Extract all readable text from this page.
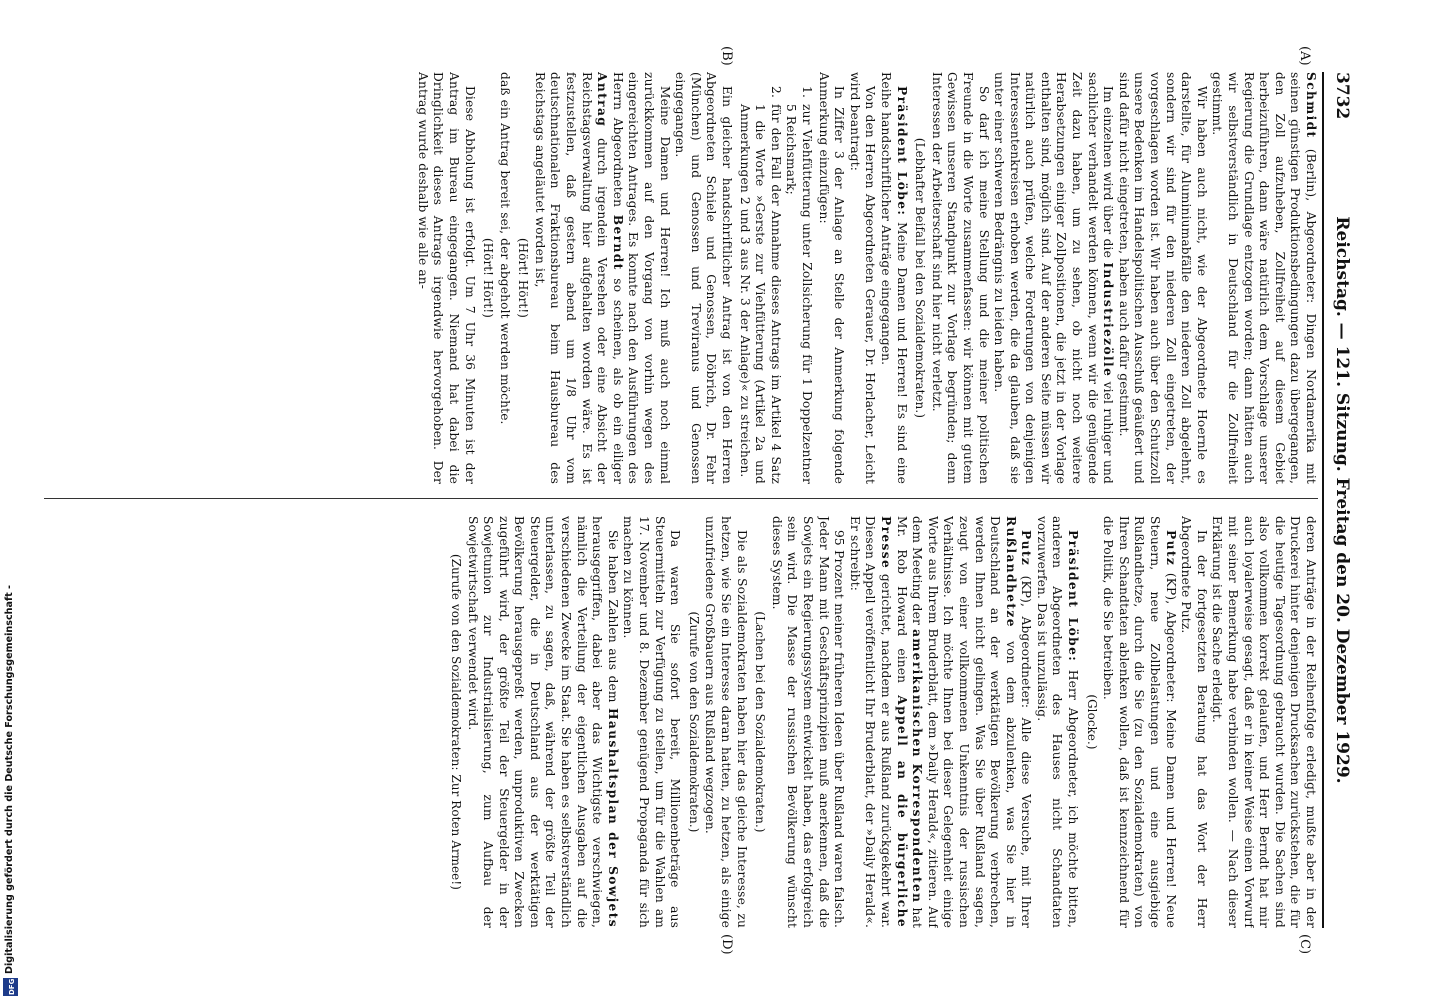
3732
Reichstag. — 121. Sitzung. Freitag den 20. Dezember 1929.
(A)
(B)
(C)
(D)

Schmidt (Berlin), Abgeordneter: Dingen Nordamerika mit seinen günstigen Produktionsbedingungen dazu übergegangen, den Zoll aufzuheben, Zollfreiheit auf diesem Gebiet herbeizuführen, dann wäre natürlich dem Vorschlage unserer Regierung die Grundlage entzogen worden; dann hätten auch wir selbstverständlich in Deutschland für die Zollfreiheit gestimmt.

Wir haben auch nicht, wie der Abgeordnete Hoernle es darstellte, für Aluminiumabfälle den niederen Zoll abgelehnt, sondern wir sind für den niederen Zoll eingetreten, der vorgeschlagen worden ist. Wir haben auch über den Schutzzoll unsere Bedenken im Handelspolitischen Ausschuß geäußert und sind dafür nicht eingetreten, haben auch dafür gestimmt.

Im einzelnen wird über die Industriezölle viel ruhiger und sachlicher verhandelt werden können, wenn wir die genügende Zeit dazu haben, um zu sehen, ob nicht noch weitere Herabsetzungen einiger Zollpositionen, die jetzt in der Vorlage enthalten sind, möglich sind. Auf der anderen Seite müssen wir natürlich auch prüfen, welche Forderungen von denjenigen Interessentenkreisen erhoben werden, die da glauben, daß sie unter einer schweren Bedrängnis zu leiden haben.

So darf ich meine Stellung und die meiner politischen Freunde in die Worte zusammenfassen: wir können mit gutem Gewissen unseren Standpunkt zur Vorlage begründen; denn Interessen der Arbeiterschaft sind hier nicht verletzt.

(Lebhafter Beifall bei den Sozialdemokraten.)

Präsident Löbe: Meine Damen und Herren! Es sind eine Reihe handschriftlicher Anträge eingegangen.

Von den Herren Abgeordneten Gerauer, Dr. Horlacher, Leicht wird beantragt:

In Ziffer 3 der Anlage an Stelle der Anmerkung folgende Anmerkung einzufügen:

1. zur Viehfütterung unter Zollsicherung für 1 Doppelzentner 5 Reichsmark;
2. für den Fall der Annahme dieses Antrags im Artikel 4 Satz 1 die Worte »Gerste zur Viehfütterung (Artikel 2a und Anmerkungen 2 und 3 aus Nr. 3 der Anlage)« zu streichen.

Ein gleicher handschriftlicher Antrag ist von den Herren Abgeordneten Schiele und Genossen, Döbrich, Dr. Fehr (München) und Genossen und Treviranus und Genossen eingegangen.

Meine Damen und Herren! Ich muß auch noch einmal zurückkommen auf den Vorgang von vorhin wegen des eingereichten Antrages. Es konnte nach den Ausführungen des Herrn Abgeordneten Berndt so scheinen, als ob ein eiliger Antrag durch irgendein Versehen oder eine Absicht der Reichstagsverwaltung hier aufgehalten worden wäre. Es ist festzustellen, daß gestern abend um 1/8 Uhr vom deutschnationalen Fraktionsbureau beim Hausbureau des Reichstags angeläutet worden ist,

(Hört! Hört!)

daß ein Antrag bereit sei, der abgeholt werden möchte.

(Hört! Hört!)

Diese Abholung ist erfolgt. Um 7 Uhr 36 Minuten ist der Antrag im Bureau eingegangen. Niemand hat dabei die Dringlichkeit dieses Antrags irgendwie hervorgehoben. Der Antrag wurde deshalb wie alle an-

deren Anträge in der Reihenfolge erledigt, mußte aber in der Druckerei hinter denjenigen Drucksachen zurückstehen, die für die heutige Tagesordnung gebraucht wurden. Die Sachen sind also vollkommen korrekt gelaufen, und Herr Berndt hat mir auch loyalerweise gesagt, daß er in keiner Weise einen Vorwurf mit seiner Bemerkung habe verbinden wollen. — Nach dieser Erklärung ist die Sache erledigt.

In der fortgesetzten Beratung hat das Wort der Herr Abgeordnete Putz.

Putz (KP), Abgeordneter: Meine Damen und Herren! Neue Steuern, neue Zollbelastungen und eine ausgiebige Rußlandhetze, durch die Sie (zu den Sozialdemokraten) von Ihren Schandtaten ablenken wollen, daß ist kennzeichnend für die Politik, die Sie betreiben.

(Glocke.)

Präsident Löbe: Herr Abgeordneter, ich möchte bitten, anderen Abgeordneten des Hauses nicht Schandtaten vorzuwerfen. Das ist unzulässig.

Putz (KP), Abgeordneter: Alle diese Versuche, mit Ihrer Rußlandhetze von dem abzulenken, was Sie hier in Deutschland an der werktätigen Bevölkerung verbrechen, werden Ihnen nicht gelingen. Was Sie über Rußland sagen, zeugt von einer vollkommenen Unkenntnis der russischen Verhältnisse. Ich möchte Ihnen bei dieser Gelegenheit einige Worte aus Ihrem Bruderblatt, dem »Daily Herald«, zitieren. Auf dem Meeting der amerikanischen Korrespondenten hat Mr. Rob Howard einen Appell an die bürgerliche Presse gerichtet, nachdem er aus Rußland zurückgekehrt war. Diesen Appell veröffentlicht Ihr Bruderblatt, der »Daily Herald«. Er schreibt:

95 Prozent meiner früheren Ideen über Rußland waren falsch. Jeder Mann mit Geschäftsprinzipien muß anerkennen, daß die Sowjets ein Regierungssystem entwickelt haben, das erfolgreich sein wird. Die Masse der russischen Bevölkerung wünscht dieses System.

(Lachen bei den Sozialdemokraten.)

Die als Sozialdemokraten haben hier das gleiche Interesse, zu hetzen, wie Sie ein Interesse daran hatten, zu hetzen, als einige unzufriedene Großbauern aus Rußland wegzogen.

(Zurufe von den Sozialdemokraten.)

Da waren Sie sofort bereit, Millionenbeträge aus Steuermitteln zur Verfügung zu stellen, um für die Wahlen am 17. November und 8. Dezember genügend Propaganda für sich machen zu können.

Sie haben Zahlen aus dem Haushaltsplan der Sowjets herausgegriffen, dabei aber das Wichtigste verschwiegen, nämlich die Verteilung der eigentlichen Ausgaben auf die verschiedenen Zwecke im Staat. Sie haben es selbstverständlich unterlassen, zu sagen, daß, während der größte Teil der Steuergelder, die in Deutschland aus der werktätigen Bevölkerung herausgepreßt werden, unproduktiven Zwecken zugeführt wird, der größte Teil der Steuergelder in der Sowjetunion zur Industrialisierung, zum Aufbau der Sowjetwirtschaft verwendet wird.

(Zurufe von den Sozialdemokraten: Zur Roten Armee!)

Digitalisierung gefördert durch die Deutsche Forschungsgemeinschaft -
DFG
